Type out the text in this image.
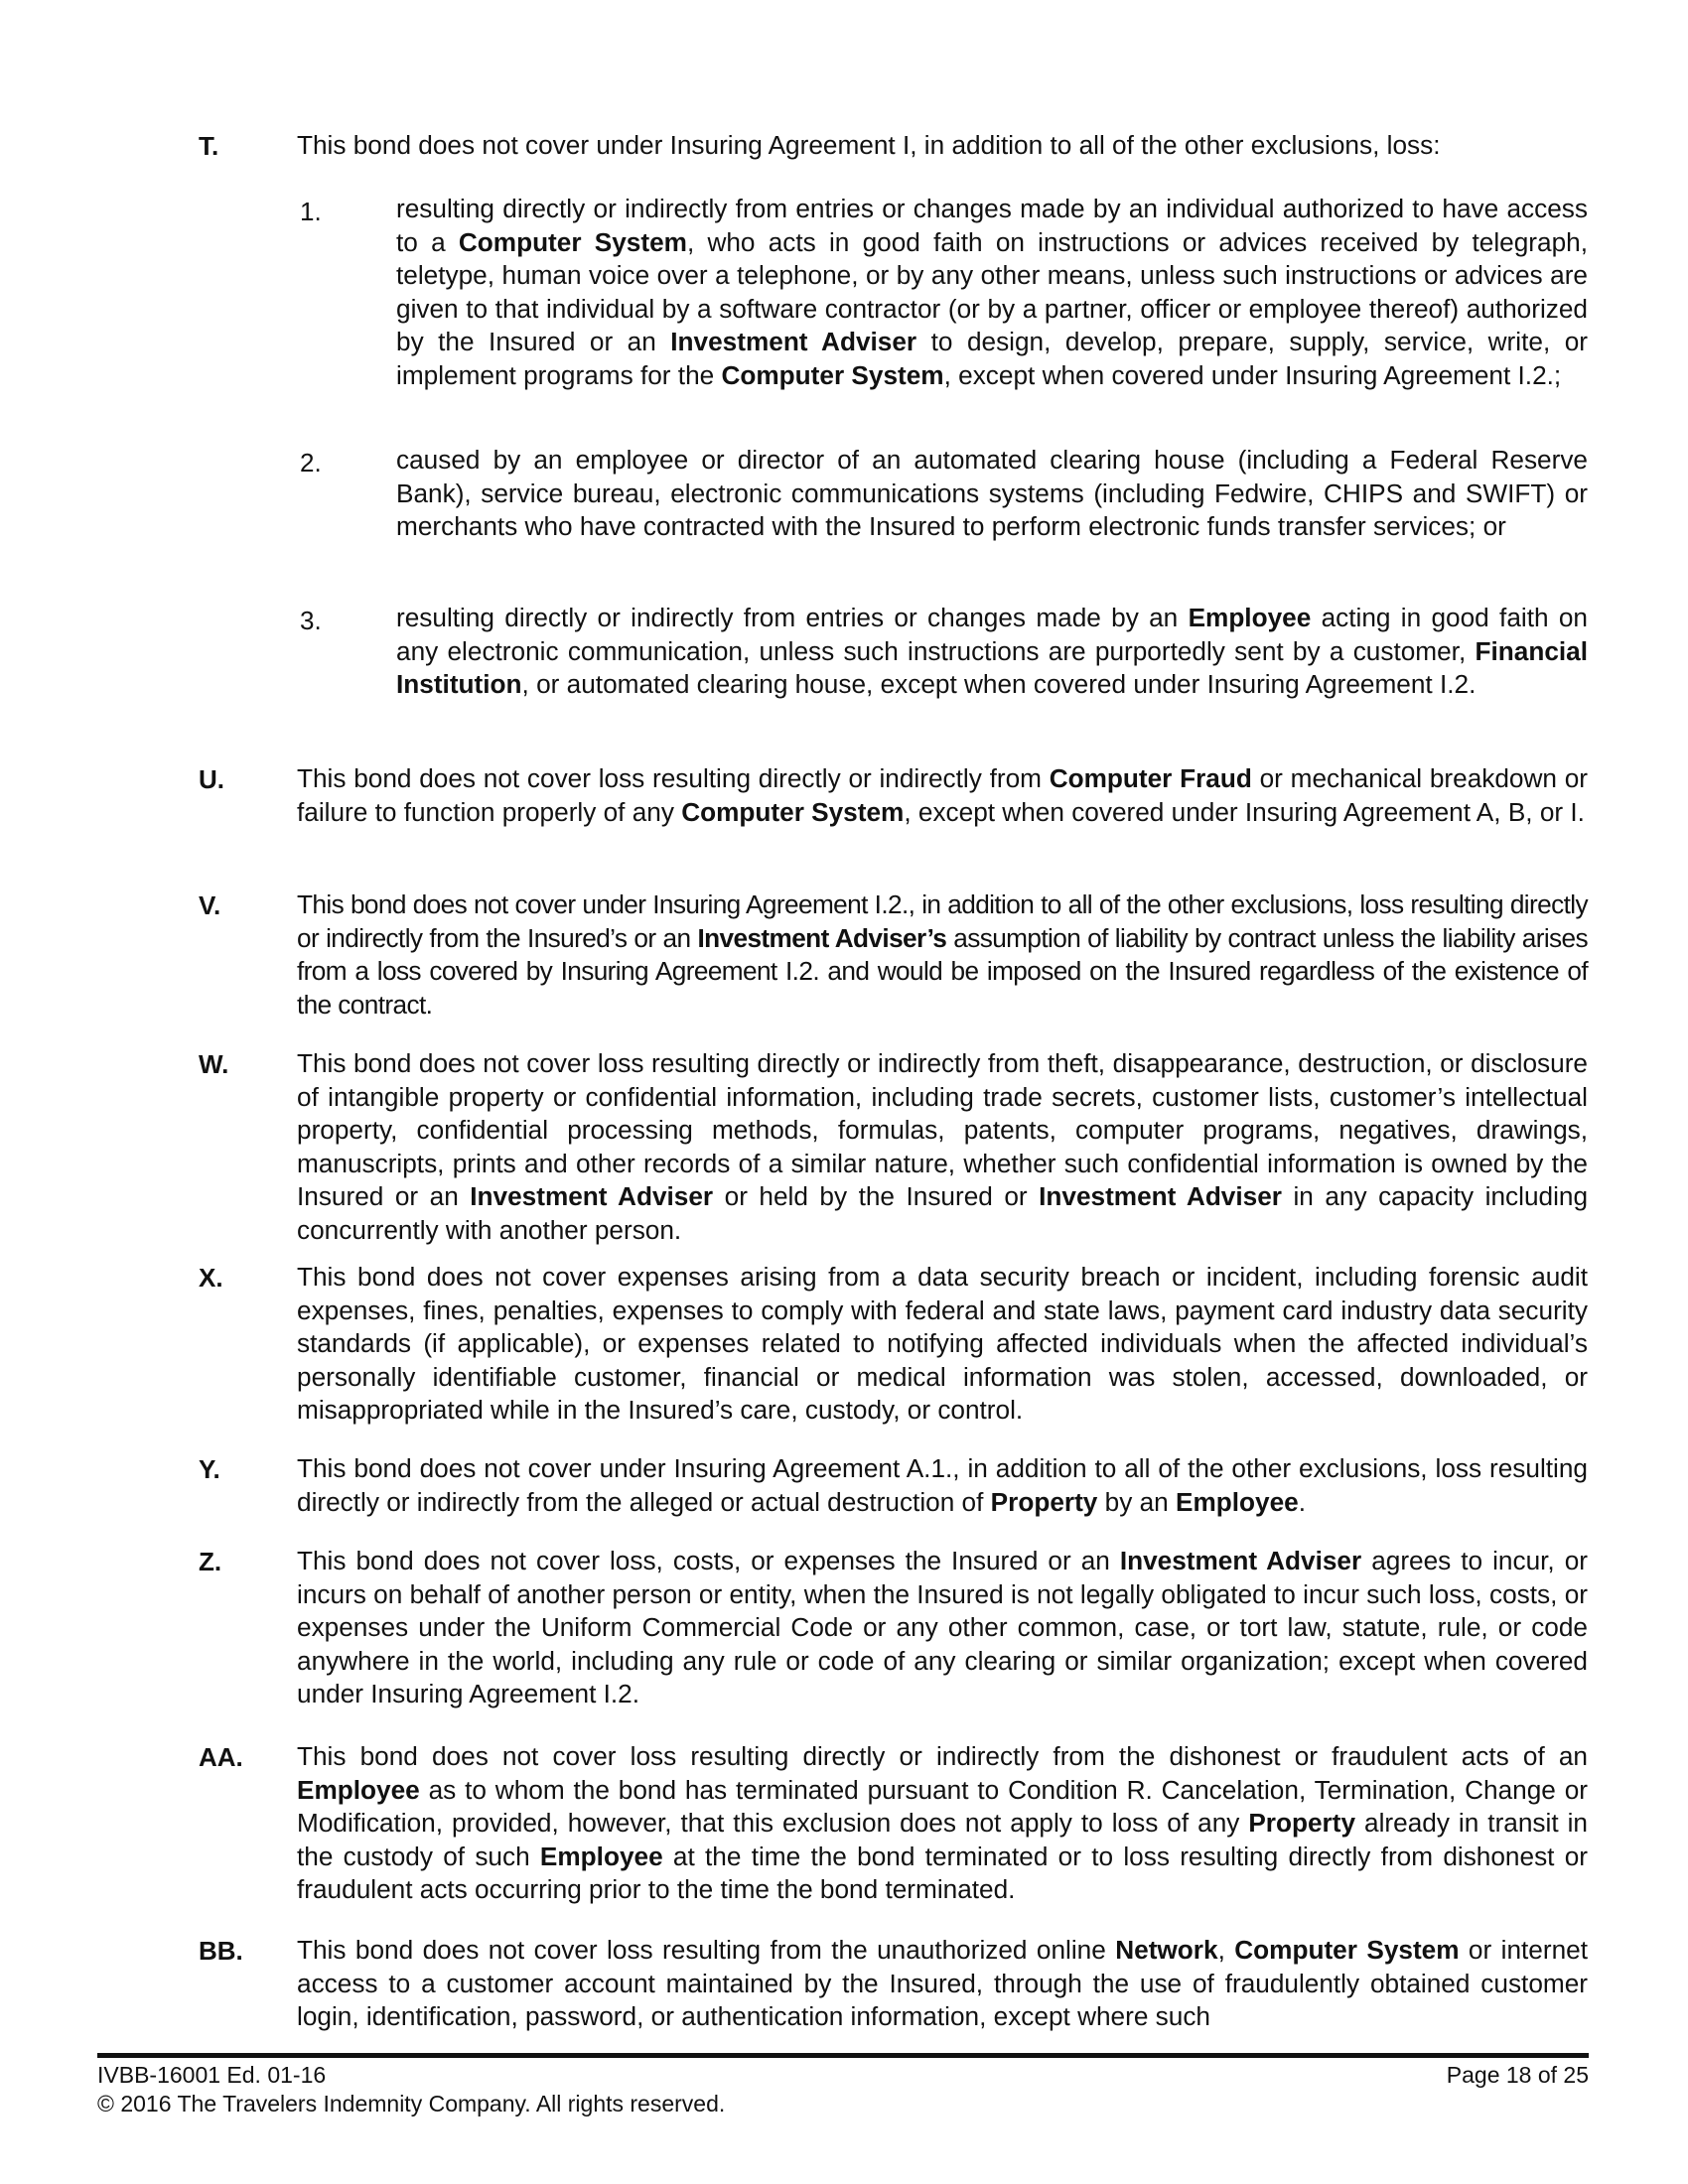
T.	This bond does not cover under Insuring Agreement I, in addition to all of the other exclusions, loss:
1.	resulting directly or indirectly from entries or changes made by an individual authorized to have access to a Computer System, who acts in good faith on instructions or advices received by telegraph, teletype, human voice over a telephone, or by any other means, unless such instructions or advices are given to that individual by a software contractor (or by a partner, officer or employee thereof) authorized by the Insured or an Investment Adviser to design, develop, prepare, supply, service, write, or implement programs for the Computer System, except when covered under Insuring Agreement I.2.;
2.	caused by an employee or director of an automated clearing house (including a Federal Reserve Bank), service bureau, electronic communications systems (including Fedwire, CHIPS and SWIFT) or merchants who have contracted with the Insured to perform electronic funds transfer services; or
3.	resulting directly or indirectly from entries or changes made by an Employee acting in good faith on any electronic communication, unless such instructions are purportedly sent by a customer, Financial Institution, or automated clearing house, except when covered under Insuring Agreement I.2.
U.	This bond does not cover loss resulting directly or indirectly from Computer Fraud or mechanical breakdown or failure to function properly of any Computer System, except when covered under Insuring Agreement A, B, or I.
V.	This bond does not cover under Insuring Agreement I.2., in addition to all of the other exclusions, loss resulting directly or indirectly from the Insured’s or an Investment Adviser’s assumption of liability by contract unless the liability arises from a loss covered by Insuring Agreement I.2. and would be imposed on the Insured regardless of the existence of the contract.
W.	This bond does not cover loss resulting directly or indirectly from theft, disappearance, destruction, or disclosure of intangible property or confidential information, including trade secrets, customer lists, customer’s intellectual property, confidential processing methods, formulas, patents, computer programs, negatives, drawings, manuscripts, prints and other records of a similar nature, whether such confidential information is owned by the Insured or an Investment Adviser or held by the Insured or Investment Adviser in any capacity including concurrently with another person.
X.	This bond does not cover expenses arising from a data security breach or incident, including forensic audit expenses, fines, penalties, expenses to comply with federal and state laws, payment card industry data security standards (if applicable), or expenses related to notifying affected individuals when the affected individual’s personally identifiable customer, financial or medical information was stolen, accessed, downloaded, or misappropriated while in the Insured’s care, custody, or control.
Y.	This bond does not cover under Insuring Agreement A.1., in addition to all of the other exclusions, loss resulting directly or indirectly from the alleged or actual destruction of Property by an Employee.
Z.	This bond does not cover loss, costs, or expenses the Insured or an Investment Adviser agrees to incur, or incurs on behalf of another person or entity, when the Insured is not legally obligated to incur such loss, costs, or expenses under the Uniform Commercial Code or any other common, case, or tort law, statute, rule, or code anywhere in the world, including any rule or code of any clearing or similar organization; except when covered under Insuring Agreement I.2.
AA. This bond does not cover loss resulting directly or indirectly from the dishonest or fraudulent acts of an Employee as to whom the bond has terminated pursuant to Condition R. Cancelation, Termination, Change or Modification, provided, however, that this exclusion does not apply to loss of any Property already in transit in the custody of such Employee at the time the bond terminated or to loss resulting directly from dishonest or fraudulent acts occurring prior to the time the bond terminated.
BB. This bond does not cover loss resulting from the unauthorized online Network, Computer System or internet access to a customer account maintained by the Insured, through the use of fraudulently obtained customer login, identification, password, or authentication information, except where such
IVBB-16001 Ed. 01-16	Page 18 of 25
© 2016 The Travelers Indemnity Company. All rights reserved.
